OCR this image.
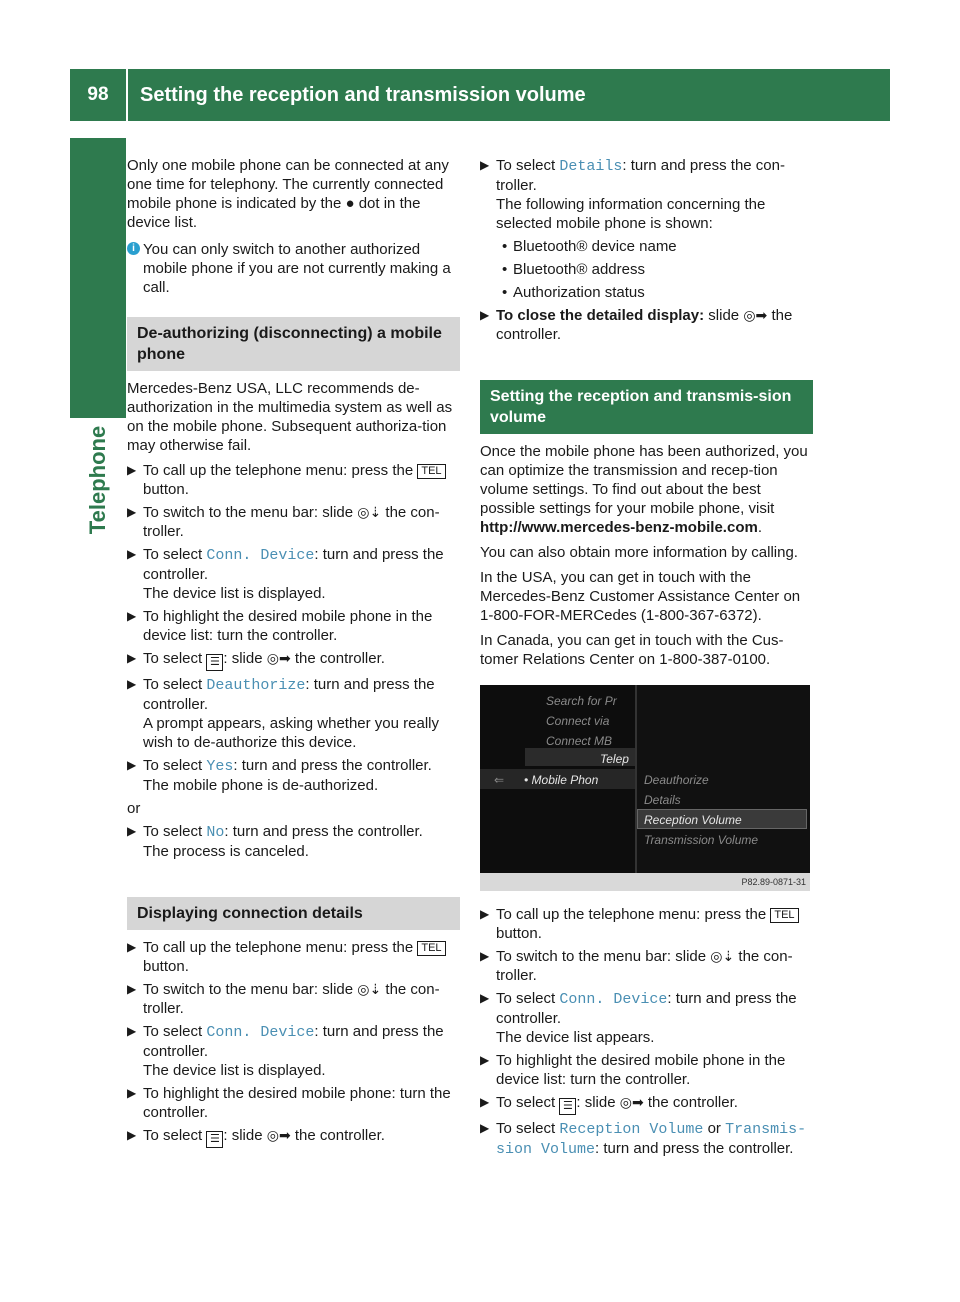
98	Setting the reception and transmission volume
Telephone

Only one mobile phone can be connected at any one time for telephony. The currently connected mobile phone is indicated by the ● dot in the device list.

i You can only switch to another authorized mobile phone if you are not currently making a call.
De-authorizing (disconnecting) a mobile phone

Mercedes-Benz USA, LLC recommends de-authorization in the multimedia system as well as on the mobile phone. Subsequent authoriza-tion may otherwise fail.

▶ To call up the telephone menu: press the TEL button.
▶ To switch to the menu bar: slide ◎⇣ the con-troller.
▶ To select Conn. Device: turn and press the controller.
The device list is displayed.
▶ To highlight the desired mobile phone in the device list: turn the controller.
▶ To select ☰ : slide ◎➡ the controller.
▶ To select Deauthorize: turn and press the controller.
A prompt appears, asking whether you really wish to de-authorize this device.
▶ To select Yes: turn and press the controller.
The mobile phone is de-authorized.
or
▶ To select No: turn and press the controller.
The process is canceled.
Displaying connection details
▶ To call up the telephone menu: press the TEL button.
▶ To switch to the menu bar: slide ◎⇣ the con-troller.
▶ To select Conn. Device: turn and press the controller.
The device list is displayed.
▶ To highlight the desired mobile phone: turn the controller.
▶ To select ☰ : slide ◎➡ the controller.
▶ To select Details: turn and press the con-troller.
The following information concerning the selected mobile phone is shown:
• Bluetooth® device name
• Bluetooth® address
• Authorization status
▶ To close the detailed display: slide ◎➡ the controller.
Setting the reception and transmis-sion volume

Once the mobile phone has been authorized, you can optimize the transmission and recep-tion volume settings. To find out about the best possible settings for your mobile phone, visit http://www.mercedes-benz-mobile.com.

You can also obtain more information by calling.

In the USA, you can get in touch with the Mercedes-Benz Customer Assistance Center on 1-800-FOR-MERCedes (1-800-367-6372).

In Canada, you can get in touch with the Cus-tomer Relations Center on 1-800-387-0100.

Search for Pr
Connect via
Connect MB
Telep
⇐ • Mobile Phon	Deauthorize
Details
Reception Volume
Transmission Volume
P82.89-0871-31
▶ To call up the telephone menu: press the TEL button.
▶ To switch to the menu bar: slide ◎⇣ the con-troller.
▶ To select Conn. Device: turn and press the controller.
The device list appears.
▶ To highlight the desired mobile phone in the device list: turn the controller.
▶ To select ☰ : slide ◎➡ the controller.
▶ To select Reception Volume or Transmis-sion Volume: turn and press the controller.
